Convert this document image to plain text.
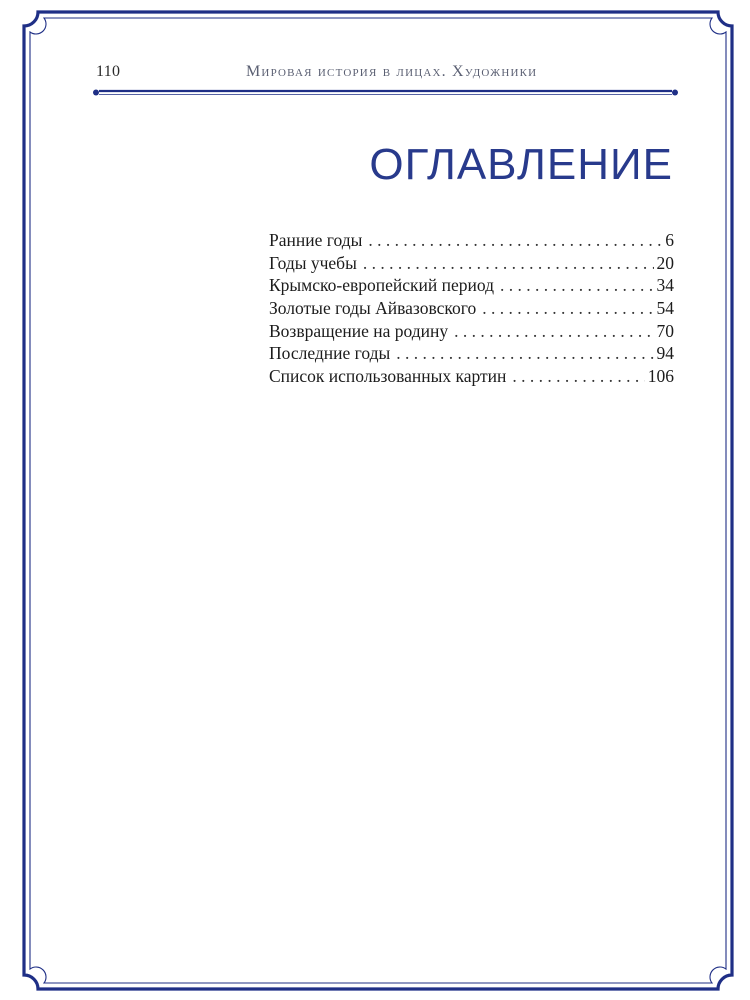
110	Мировая история в лицах. Художники
ОГЛАВЛЕНИЕ
Ранние годы . . .	6
Годы учебы . . .	20
Крымско-европейский период . . .	34
Золотые годы Айвазовского . . .	54
Возвращение на родину . . .	70
Последние годы . . .	94
Список использованных картин . . .	106
